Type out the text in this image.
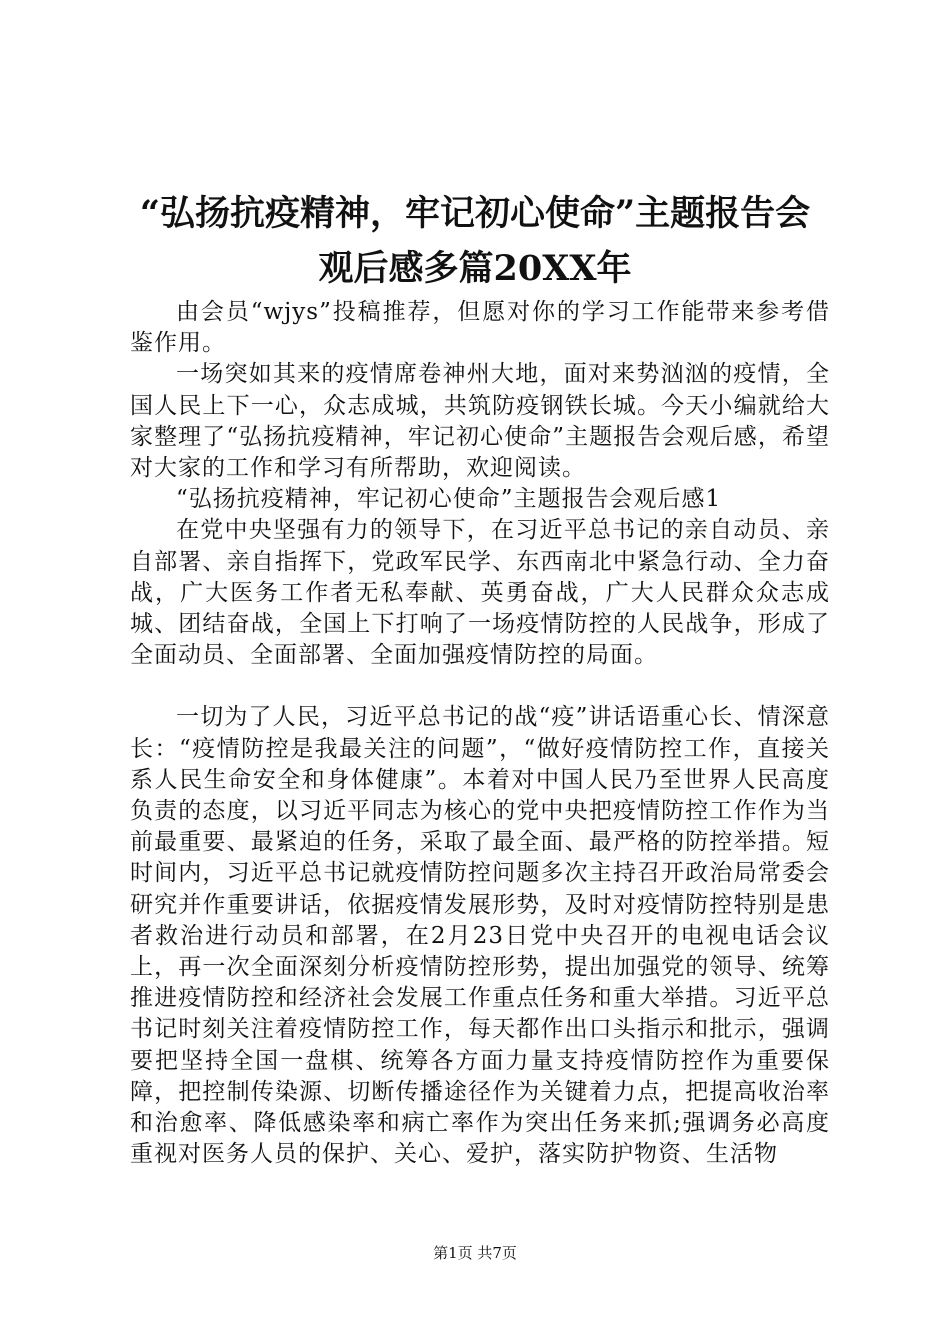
“弘扬抗疫精神，牢记初心使命”主题报告会
观后感多篇20XX年

由会员“wjys”投稿推荐，但愿对你的学习工作能带来参考借鉴作用。

一场突如其来的疫情席卷神州大地，面对来势汹汹的疫情，全国人民上下一心，众志成城，共筑防疫钢铁长城。今天小编就给大家整理了“弘扬抗疫精神，牢记初心使命”主题报告会观后感，希望对大家的工作和学习有所帮助，欢迎阅读。

“弘扬抗疫精神，牢记初心使命”主题报告会观后感1

在党中央坚强有力的领导下，在习近平总书记的亲自动员、亲自部署、亲自指挥下，党政军民学、东西南北中紧急行动、全力奋战，广大医务工作者无私奉献、英勇奋战，广大人民群众众志成城、团结奋战，全国上下打响了一场疫情防控的人民战争，形成了全面动员、全面部署、全面加强疫情防控的局面。

一切为了人民，习近平总书记的战“疫”讲话语重心长、情深意长：“疫情防控是我最关注的问题”，“做好疫情防控工作，直接关系人民生命安全和身体健康”。本着对中国人民乃至世界人民高度负责的态度，以习近平同志为核心的党中央把疫情防控工作作为当前最重要、最紧迫的任务，采取了最全面、最严格的防控举措。短时间内，习近平总书记就疫情防控问题多次主持召开政治局常委会研究并作重要讲话，依据疫情发展形势，及时对疫情防控特别是患者救治进行动员和部署，在2月23日党中央召开的电视电话会议上，再一次全面深刻分析疫情防控形势，提出加强党的领导、统筹推进疫情防控和经济社会发展工作重点任务和重大举措。习近平总书记时刻关注着疫情防控工作，每天都作出口头指示和批示，强调要把坚持全国一盘棋、统筹各方面力量支持疫情防控作为重要保障，把控制传染源、切断传播途径作为关键着力点，把提高收治率和治愈率、降低感染率和病亡率作为突出任务来抓;强调务必高度重视对医务人员的保护、关心、爱护，落实防护物资、生活物

第1页 共7页
